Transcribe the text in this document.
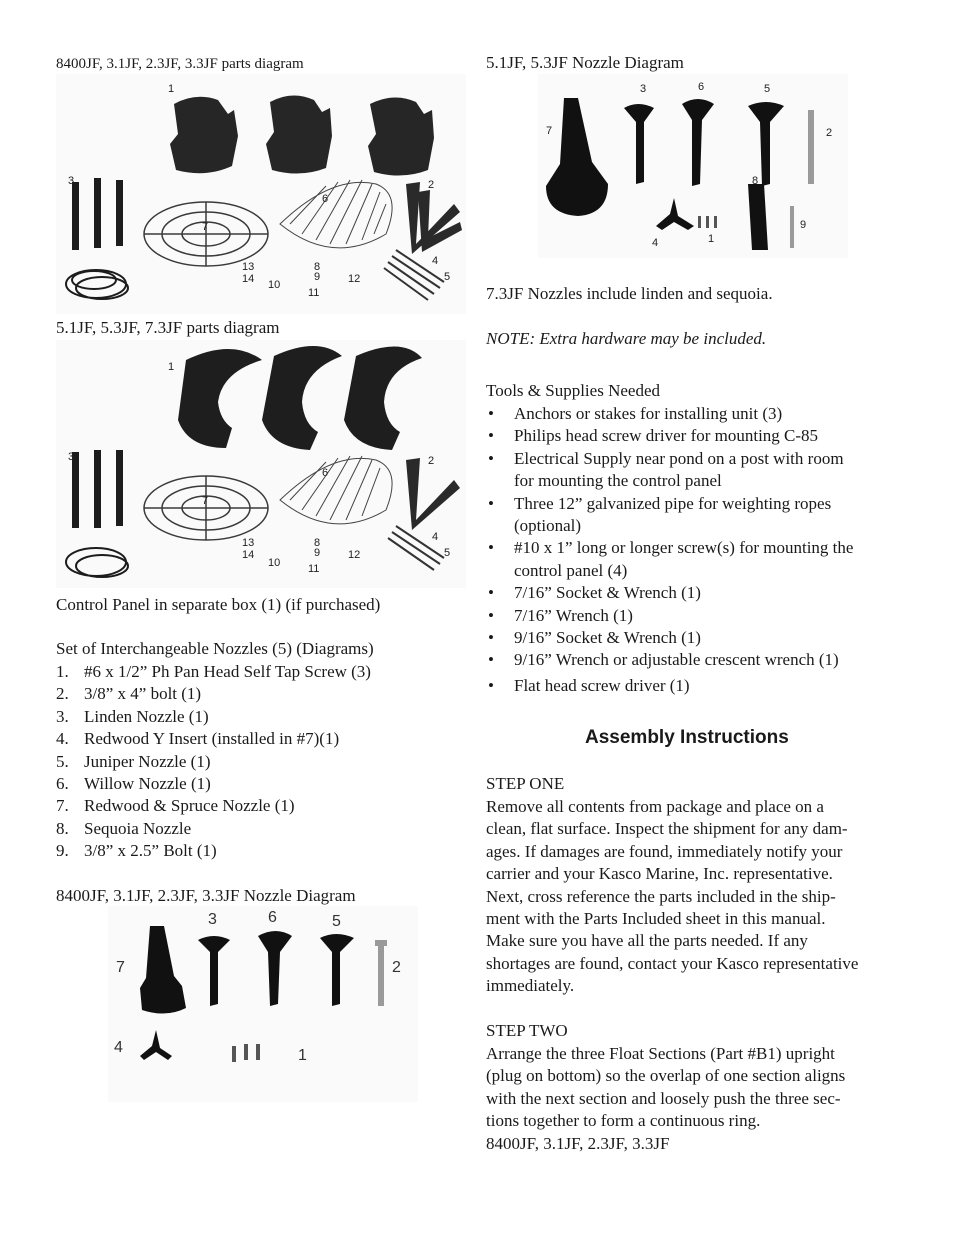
8400JF, 3.1JF, 2.3JF, 3.3JF parts diagram
1
2
3
4
5
6
7
8
9
10
11
12
13
14
5.1JF, 5.3JF, 7.3JF parts diagram
1
2
3
4
5
6
7
8
9
10	11
12
13
14
Control Panel in separate box (1) (if purchased)
Set of Interchangeable Nozzles (5) (Diagrams)
1. #6 x 1/2” Ph Pan Head Self Tap Screw (3)
2. 3/8” x 4” bolt (1)
3. Linden Nozzle (1)
4. Redwood Y Insert (installed in #7)(1)
5. Juniper Nozzle (1)
6. Willow Nozzle (1)
7. Redwood & Spruce Nozzle (1)
8. Sequoia Nozzle
9. 3/8” x 2.5” Bolt (1)
8400JF, 3.1JF, 2.3JF, 3.3JF Nozzle Diagram
7
3	6	5
2
4	1
5.1JF, 5.3JF Nozzle Diagram
3	6	5
7	2
8
4	1
9
7.3JF Nozzles include linden and sequoia.
NOTE: Extra hardware may be included.
Tools & Supplies Needed
• Anchors or stakes for installing unit (3)
• Philips head screw driver for mounting C-85
• Electrical Supply near pond on a post with room
for mounting the control panel
• Three 12” galvanized pipe for weighting ropes
(optional)
• #10 x 1” long or longer screw(s) for mounting the
control panel (4)
• 7/16” Socket & Wrench (1)
• 7/16” Wrench (1)
• 9/16” Socket & Wrench (1)
• 9/16” Wrench or adjustable crescent wrench (1)
• Flat head screw driver (1)
Assembly Instructions
STEP ONE
Remove all contents from package and place on a
clean, flat surface. Inspect the shipment for any dam-
ages. If damages are found, immediately notify your
carrier and your Kasco Marine, Inc. representative.
Next, cross reference the parts included in the ship-
ment with the Parts Included sheet in this manual.
Make sure you have all the parts needed. If any
shortages are found, contact your Kasco representative
immediately.
STEP TWO
Arrange the three Float Sections (Part #B1) upright
(plug on bottom) so the overlap of one section aligns
with the next section and loosely push the three sec-
tions together to form a continuous ring.
8400JF, 3.1JF, 2.3JF, 3.3JF
